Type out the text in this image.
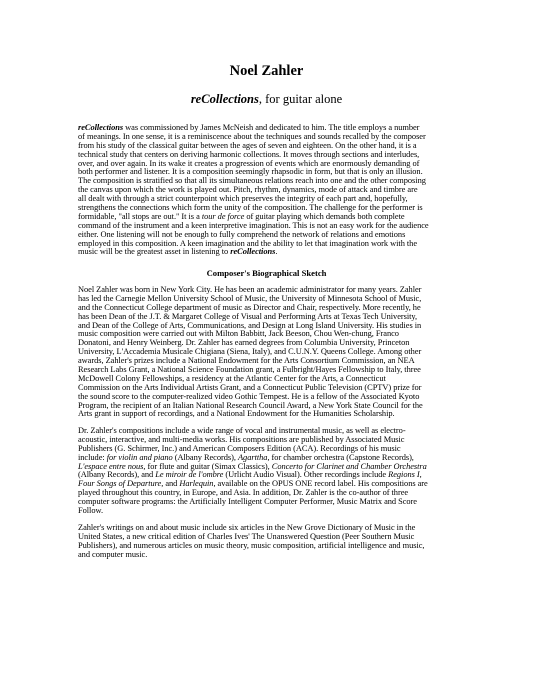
Noel Zahler
reCollections, for guitar alone
reCollections was commissioned by James McNeish and dedicated to him. The title employs a number
of meanings. In one sense, it is a reminiscence about the techniques and sounds recalled by the composer
from his study of the classical guitar between the ages of seven and eighteen. On the other hand, it is a
technical study that centers on deriving harmonic collections. It moves through sections and interludes,
over, and over again. In its wake it creates a progression of events which are enormously demanding of
both performer and listener. It is a composition seemingly rhapsodic in form, but that is only an illusion.
The composition is stratified so that all its simultaneous relations reach into one and the other composing
the canvas upon which the work is played out. Pitch, rhythm, dynamics, mode of attack and timbre are
all dealt with through a strict counterpoint which preserves the integrity of each part and, hopefully,
strengthens the connections which form the unity of the composition. The challenge for the performer is
formidable, "all stops are out." It is a tour de force of guitar playing which demands both complete
command of the instrument and a keen interpretive imagination. This is not an easy work for the audience
either. One listening will not be enough to fully comprehend the network of relations and emotions
employed in this composition. A keen imagination and the ability to let that imagination work with the
music will be the greatest asset in listening to reCollections.
Composer's Biographical Sketch
Noel Zahler was born in New York City. He has been an academic administrator for many years. Zahler
has led the Carnegie Mellon University School of Music, the University of Minnesota School of Music,
and the Connecticut College department of music as Director and Chair, respectively. More recently, he
has been Dean of the J.T. & Margaret College of Visual and Performing Arts at Texas Tech University,
and Dean of the College of Arts, Communications, and Design at Long Island University. His studies in
music composition were carried out with Milton Babbitt, Jack Beeson, Chou Wen-chung, Franco
Donatoni, and Henry Weinberg. Dr. Zahler has earned degrees from Columbia University, Princeton
University, L'Accademia Musicale Chigiana (Siena, Italy), and C.U.N.Y. Queens College. Among other
awards, Zahler's prizes include a National Endowment for the Arts Consortium Commission, an NEA
Research Labs Grant, a National Science Foundation grant, a Fulbright/Hayes Fellowship to Italy, three
McDowell Colony Fellowships, a residency at the Atlantic Center for the Arts, a Connecticut
Commission on the Arts Individual Artists Grant, and a Connecticut Public Television (CPTV) prize for
the sound score to the computer-realized video Gothic Tempest. He is a fellow of the Associated Kyoto
Program, the recipient of an Italian National Research Council Award, a New York State Council for the
Arts grant in support of recordings, and a National Endowment for the Humanities Scholarship.
Dr. Zahler's compositions include a wide range of vocal and instrumental music, as well as electro-
acoustic, interactive, and multi-media works. His compositions are published by Associated Music
Publishers (G. Schirmer, Inc.) and American Composers Edition (ACA). Recordings of his music
include: for violin and piano (Albany Records), Agarttha, for chamber orchestra (Capstone Records),
L'espace entre nous, for flute and guitar (Simax Classics), Concerto for Clarinet and Chamber Orchestra
(Albany Records), and Le miroir de l'ombre (Urlicht Audio Visual). Other recordings include Regions I,
Four Songs of Departure, and Harlequin, available on the OPUS ONE record label. His compositions are
played throughout this country, in Europe, and Asia. In addition, Dr. Zahler is the co-author of three
computer software programs: the Artificially Intelligent Computer Performer, Music Matrix and Score
Follow.
Zahler's writings on and about music include six articles in the New Grove Dictionary of Music in the
United States, a new critical edition of Charles Ives' The Unanswered Question (Peer Southern Music
Publishers), and numerous articles on music theory, music composition, artificial intelligence and music,
and computer music.
